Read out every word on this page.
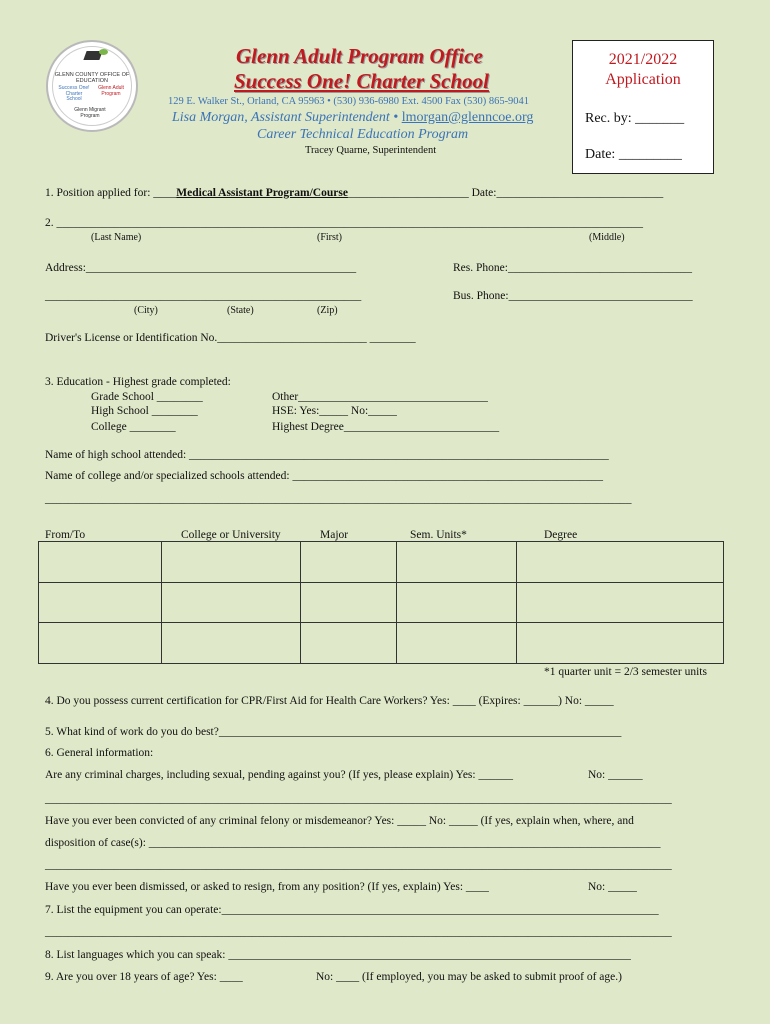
GLENN COUNTY OFFICE OF EDUCATION
Success One! Charter School
Glenn Adult Program
Glenn Migrant Program
Glenn Adult Program Office
Success One! Charter School
129 E. Walker St., Orland, CA 95963 • (530) 936-6980 Ext. 4500 Fax (530) 865-9041
Lisa Morgan, Assistant Superintendent • lmorgan@glenncoe.org
Career Technical Education Program
Tracey Quarne, Superintendent
2021/2022
Application
Rec. by: _______
Date: _________
1. Position applied for: ____Medical Assistant Program/Course_____________________ Date:_____________________________
2. ______________________________________________________________________________________________________
(Last Name)	(First)	(Middle)
Address:_______________________________________________	Res. Phone:________________________________
_______________________________________________________	Bus. Phone:________________________________
(City)	(State)	(Zip)
Driver's License or Identification No.__________________________ ________
3. Education - Highest grade completed:
Grade School ________
High School ________
College ________
Other_________________________________
HSE: Yes:_____ No:_____
Highest Degree___________________________
Name of high school attended: _________________________________________________________________________
Name of college and/or specialized schools attended: ______________________________________________________
______________________________________________________________________________________________________
From/To	College or University	Major	Sem. Units*	Degree

*1 quarter unit = 2/3 semester units
4. Do you possess current certification for CPR/First Aid for Health Care Workers? Yes: ____ (Expires: ______) No: _____
5. What kind of work do you do best?______________________________________________________________________
6. General information:
Are any criminal charges, including sexual, pending against you? (If yes, please explain) Yes: ______	No: ______
_____________________________________________________________________________________________________________
Have you ever been convicted of any criminal felony or misdemeanor? Yes: _____ No: _____ (If yes, explain when, where, and
disposition of case(s): _________________________________________________________________________________________
_____________________________________________________________________________________________________________
Have you ever been dismissed, or asked to resign, from any position? (If yes, explain) Yes: ____	No: _____
7. List the equipment you can operate:____________________________________________________________________________
_____________________________________________________________________________________________________________
8. List languages which you can speak: ______________________________________________________________________
9. Are you over 18 years of age? Yes: ____	No: ____ (If employed, you may be asked to submit proof of age.)
